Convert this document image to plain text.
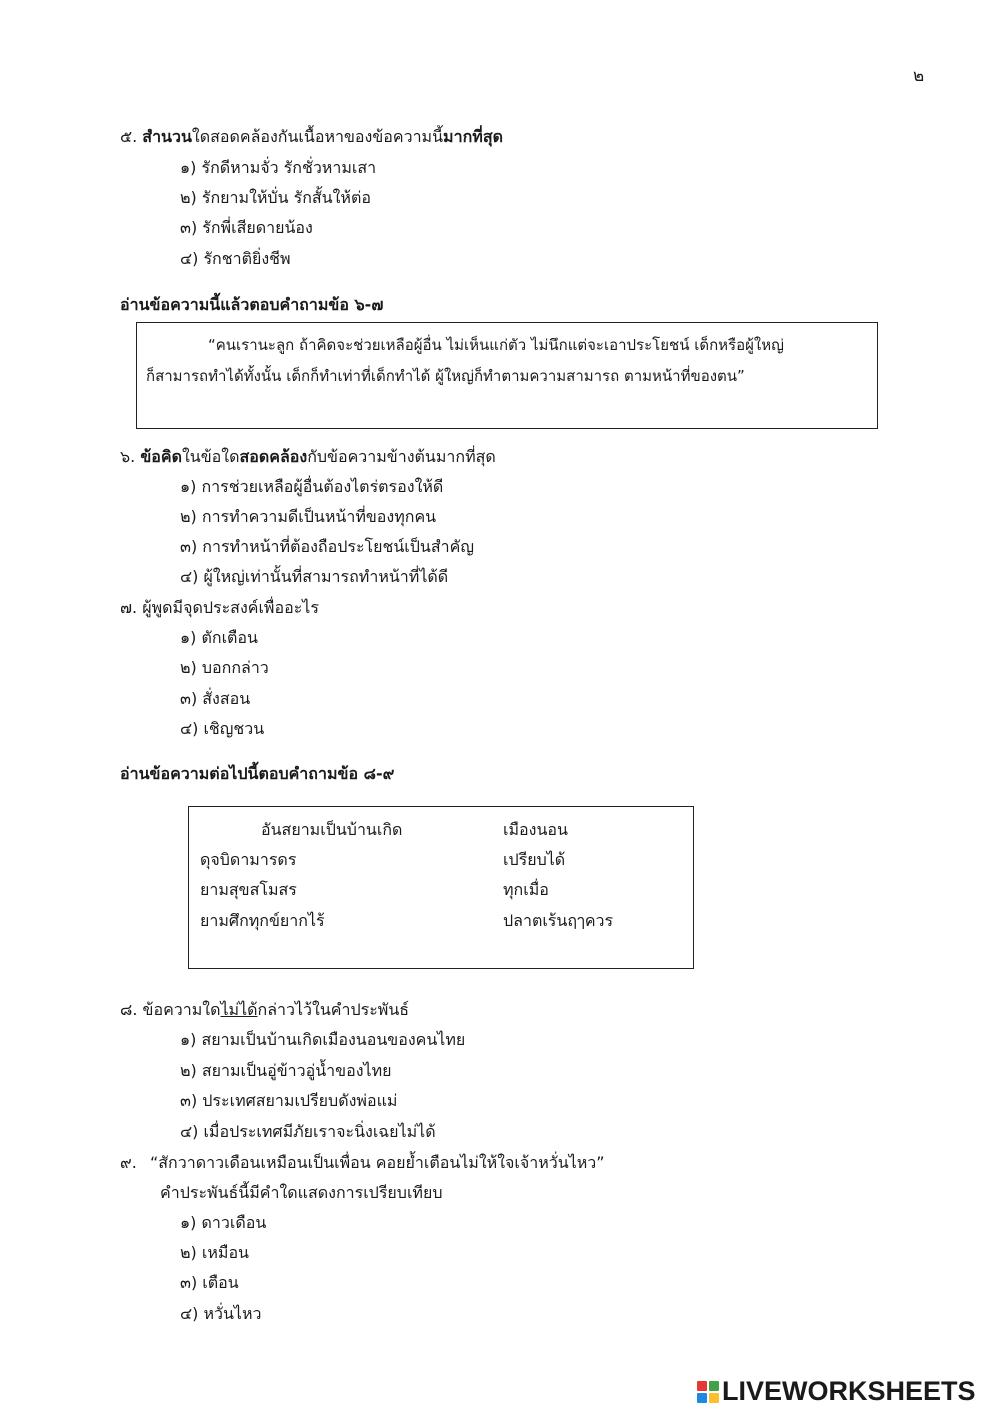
๒
๕. สำนวนใดสอดคล้องกันเนื้อหาของข้อความนี้มากที่สุด
๑) รักดีหามจั่ว รักชั่วหามเสา
๒) รักยามให้บั่น รักสั้นให้ต่อ
๓) รักพี่เสียดายน้อง
๔) รักชาติยิ่งชีพ
อ่านข้อความนี้แล้วตอบคำถามข้อ ๖-๗
“คนเรานะลูก ถ้าคิดจะช่วยเหลือผู้อื่น ไม่เห็นแก่ตัว ไม่นึกแต่จะเอาประโยชน์ เด็กหรือผู้ใหญ่
ก็สามารถทำได้ทั้งนั้น เด็กก็ทำเท่าที่เด็กทำได้ ผู้ใหญ่ก็ทำตามความสามารถ ตามหน้าที่ของตน”
๖. ข้อคิดในข้อใดสอดคล้องกับข้อความข้างต้นมากที่สุด
๑) การช่วยเหลือผู้อื่นต้องไตร่ตรองให้ดี
๒) การทำความดีเป็นหน้าที่ของทุกคน
๓) การทำหน้าที่ต้องถือประโยชน์เป็นสำคัญ
๔) ผู้ใหญ่เท่านั้นที่สามารถทำหน้าที่ได้ดี
๗. ผู้พูดมีจุดประสงค์เพื่ออะไร
๑) ตักเตือน
๒) บอกกล่าว
๓) สั่งสอน
๔) เชิญชวน
อ่านข้อความต่อไปนี้ตอบคำถามข้อ ๘-๙
อันสยามเป็นบ้านเกิด	เมืองนอน
ดุจบิดามารดร	เปรียบได้
ยามสุขสโมสร	ทุกเมื่อ
ยามศึกทุกข์ยากไร้	ปลาตเร้นฤๅควร
๘. ข้อความใดไม่ได้กล่าวไว้ในคำประพันธ์
๑) สยามเป็นบ้านเกิดเมืองนอนของคนไทย
๒) สยามเป็นอู่ข้าวอู่น้ำของไทย
๓) ประเทศสยามเปรียบดังพ่อแม่
๔) เมื่อประเทศมีภัยเราจะนิ่งเฉยไม่ได้
๙. “สักวาดาวเดือนเหมือนเป็นเพื่อน คอยย้ำเตือนไม่ให้ใจเจ้าหวั่นไหว”
คำประพันธ์นี้มีคำใดแสดงการเปรียบเทียบ
๑) ดาวเดือน
๒) เหมือน
๓) เตือน
๔) หวั่นไหว
LIVEWORKSHEETS
